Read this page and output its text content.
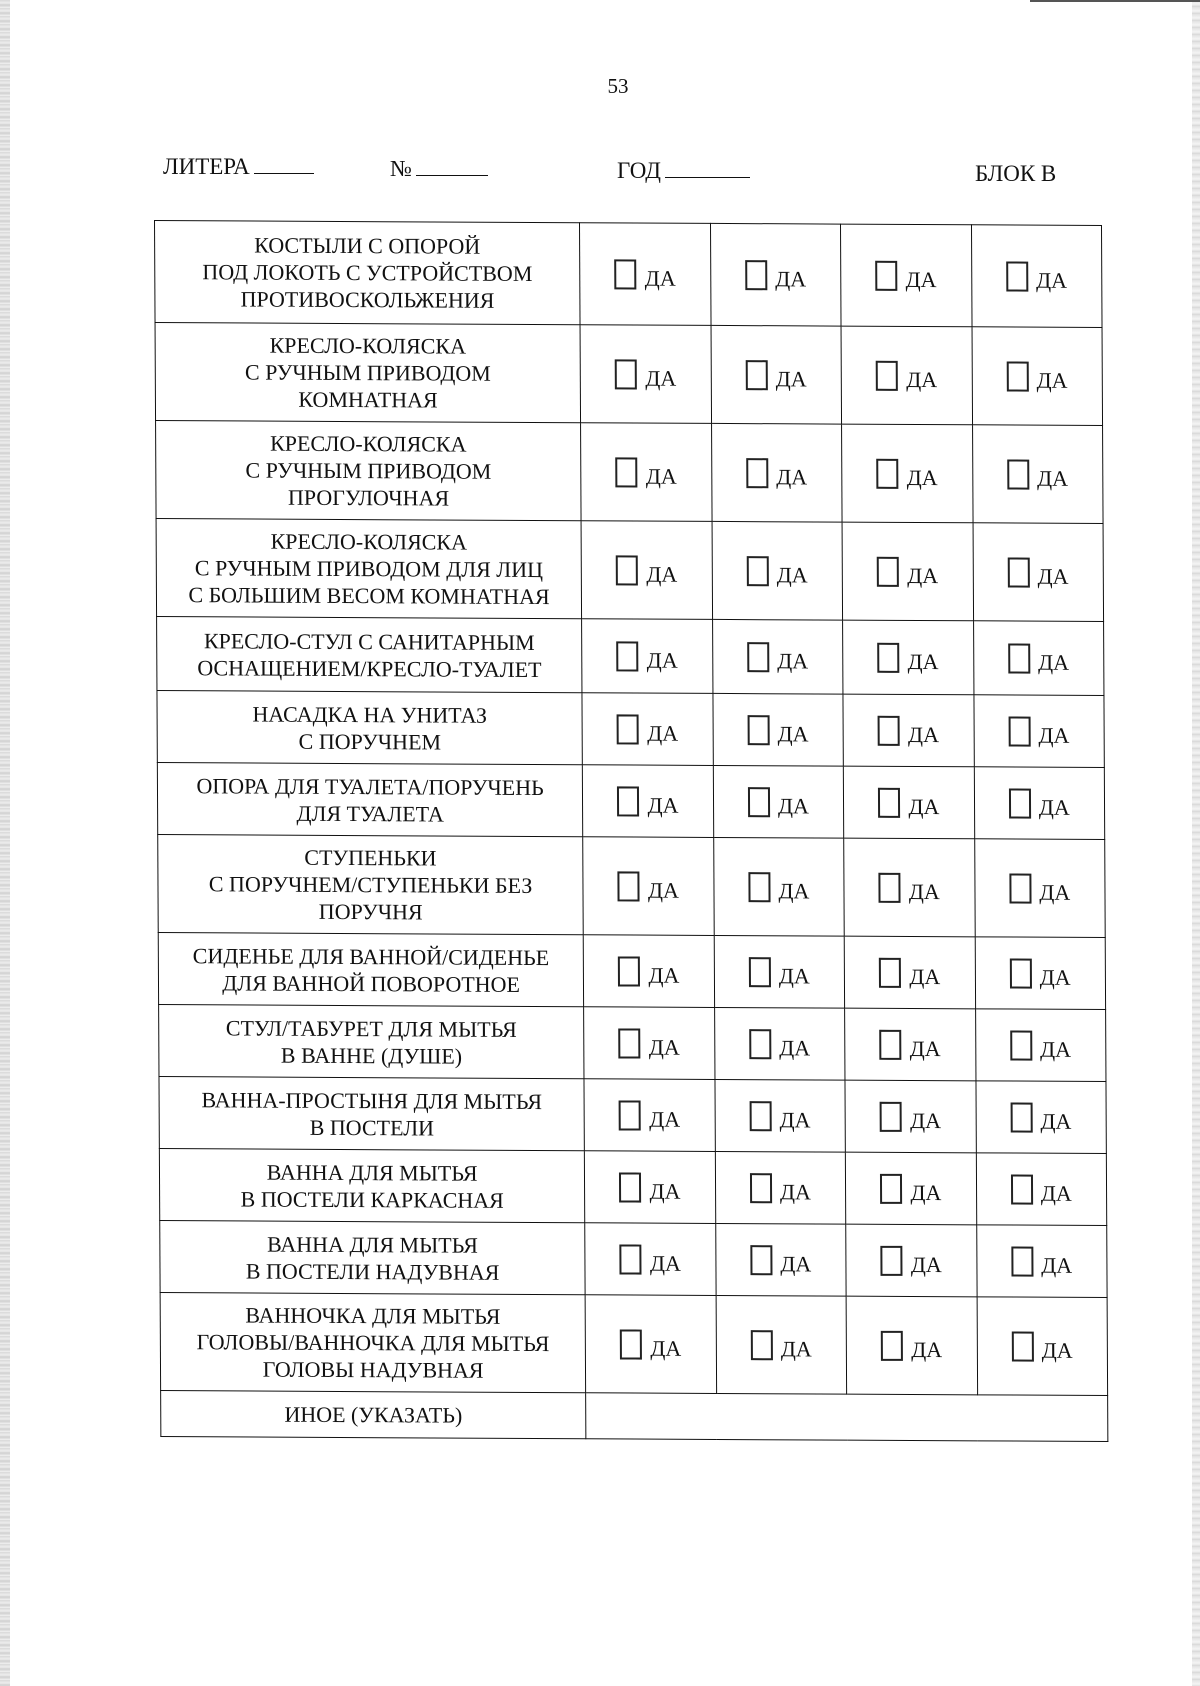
53
ЛИТЕРА	№	ГОД	БЛОК В
КОСТЫЛИ С ОПОРОЙ
ПОД ЛОКОТЬ С УСТРОЙСТВОМ
ПРОТИВОСКОЛЬЖЕНИЯ	ДА	ДА	ДА	ДА

КРЕСЛО-КОЛЯСКА
С РУЧНЫМ ПРИВОДОМ
КОМНАТНАЯ	ДА	ДА	ДА	ДА

КРЕСЛО-КОЛЯСКА
С РУЧНЫМ ПРИВОДОМ
ПРОГУЛОЧНАЯ	ДА	ДА	ДА	ДА

КРЕСЛО-КОЛЯСКА
С РУЧНЫМ ПРИВОДОМ ДЛЯ ЛИЦ
С БОЛЬШИМ ВЕСОМ КОМНАТНАЯ	ДА	ДА	ДА	ДА

КРЕСЛО-СТУЛ С САНИТАРНЫМ
ОСНАЩЕНИЕМ/КРЕСЛО-ТУАЛЕТ	ДА	ДА	ДА	ДА

НАСАДКА НА УНИТАЗ
С ПОРУЧНЕМ	ДА	ДА	ДА	ДА

ОПОРА ДЛЯ ТУАЛЕТА/ПОРУЧЕНЬ
ДЛЯ ТУАЛЕТА	ДА	ДА	ДА	ДА

СТУПЕНЬКИ
С ПОРУЧНЕМ/СТУПЕНЬКИ БЕЗ
ПОРУЧНЯ	ДА	ДА	ДА	ДА

СИДЕНЬЕ ДЛЯ ВАННОЙ/СИДЕНЬЕ
ДЛЯ ВАННОЙ ПОВОРОТНОЕ	ДА	ДА	ДА	ДА

СТУЛ/ТАБУРЕТ ДЛЯ МЫТЬЯ
В ВАННЕ (ДУШЕ)	ДА	ДА	ДА	ДА

ВАННА-ПРОСТЫНЯ ДЛЯ МЫТЬЯ
В ПОСТЕЛИ	ДА	ДА	ДА	ДА

ВАННА ДЛЯ МЫТЬЯ
В ПОСТЕЛИ КАРКАСНАЯ	ДА	ДА	ДА	ДА

ВАННА ДЛЯ МЫТЬЯ
В ПОСТЕЛИ НАДУВНАЯ	ДА	ДА	ДА	ДА

ВАННОЧКА ДЛЯ МЫТЬЯ
ГОЛОВЫ/ВАННОЧКА ДЛЯ МЫТЬЯ
ГОЛОВЫ НАДУВНАЯ	ДА	ДА	ДА	ДА
ИНОЕ (УКАЗАТЬ)				
